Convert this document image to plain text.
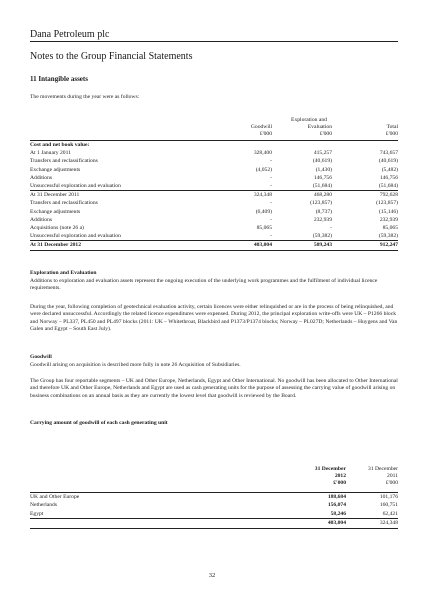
Dana Petroleum plc
Notes to the Group Financial Statements
11 Intangible assets
The movements during the year were as follows:
Goodwill
£'000
Exploration and
Evaluation
£'000
Total
£'000
Cost and net book value:			
At 1 January 2011	328,400	415,257	743,657
Transfers and reclassifications	-	(40,619)	(40,619)
Exchange adjustments	(4,052)	(1,430)	(5,482)
Additions	-	146,756	146,756
Unsuccessful exploration and evaluation	-	(51,684)	(51,684)
At 31 December 2011	324,348	468,280	792,628
Transfers and reclassifications	-	(123,857)	(123,857)
Exchange adjustments	(6,409)	(8,737)	(15,146)
Additions	-	232,939	232,939
Acquisitions (note 26 a)	85,065	-	85,065
Unsuccessful exploration and evaluation	-	(59,382)	(59,382)
At 31 December 2012	403,004	509,243	912,247
Exploration and Evaluation
Additions to exploration and evaluation assets represent the ongoing execution of the underlying work programmes and the fulfilment of individual licence requirements.
During the year, following completion of geotechnical evaluation activity, certain licences were either relinquished or are in the process of being relinquished, and were declared unsuccessful. Accordingly the related licence expenditures were expensed. During 2012, the principal exploration write-offs were UK – P1266 block and Norway – PL337, PL450 and PL497 blocks (2011: UK – Whitethroat, Blackbird and P1373/P1374 blocks; Norway – PL027D; Netherlands – Huygens and Van Galen and Egypt – South East July).
Goodwill
Goodwill arising on acquisition is described more fully in note 26 Acquisition of Subsidiaries.
The Group has four reportable segments – UK and Other Europe, Netherlands, Egypt and Other International. No goodwill has been allocated to Other International and therefore UK and Other Europe, Netherlands and Egypt are used as cash generating units for the purpose of assessing the carrying value of goodwill arising on business combinations on an annual basis as they are currently the lowest level that goodwill is reviewed by the Board.
Carrying amount of goodwill of each cash generating unit
31 December
2012
£'000
31 December
2011
£'000
UK and Other Europe	188,684	101,176
Netherlands	156,074	160,751
Egypt	58,246	62,421
	403,004	324,348
32
